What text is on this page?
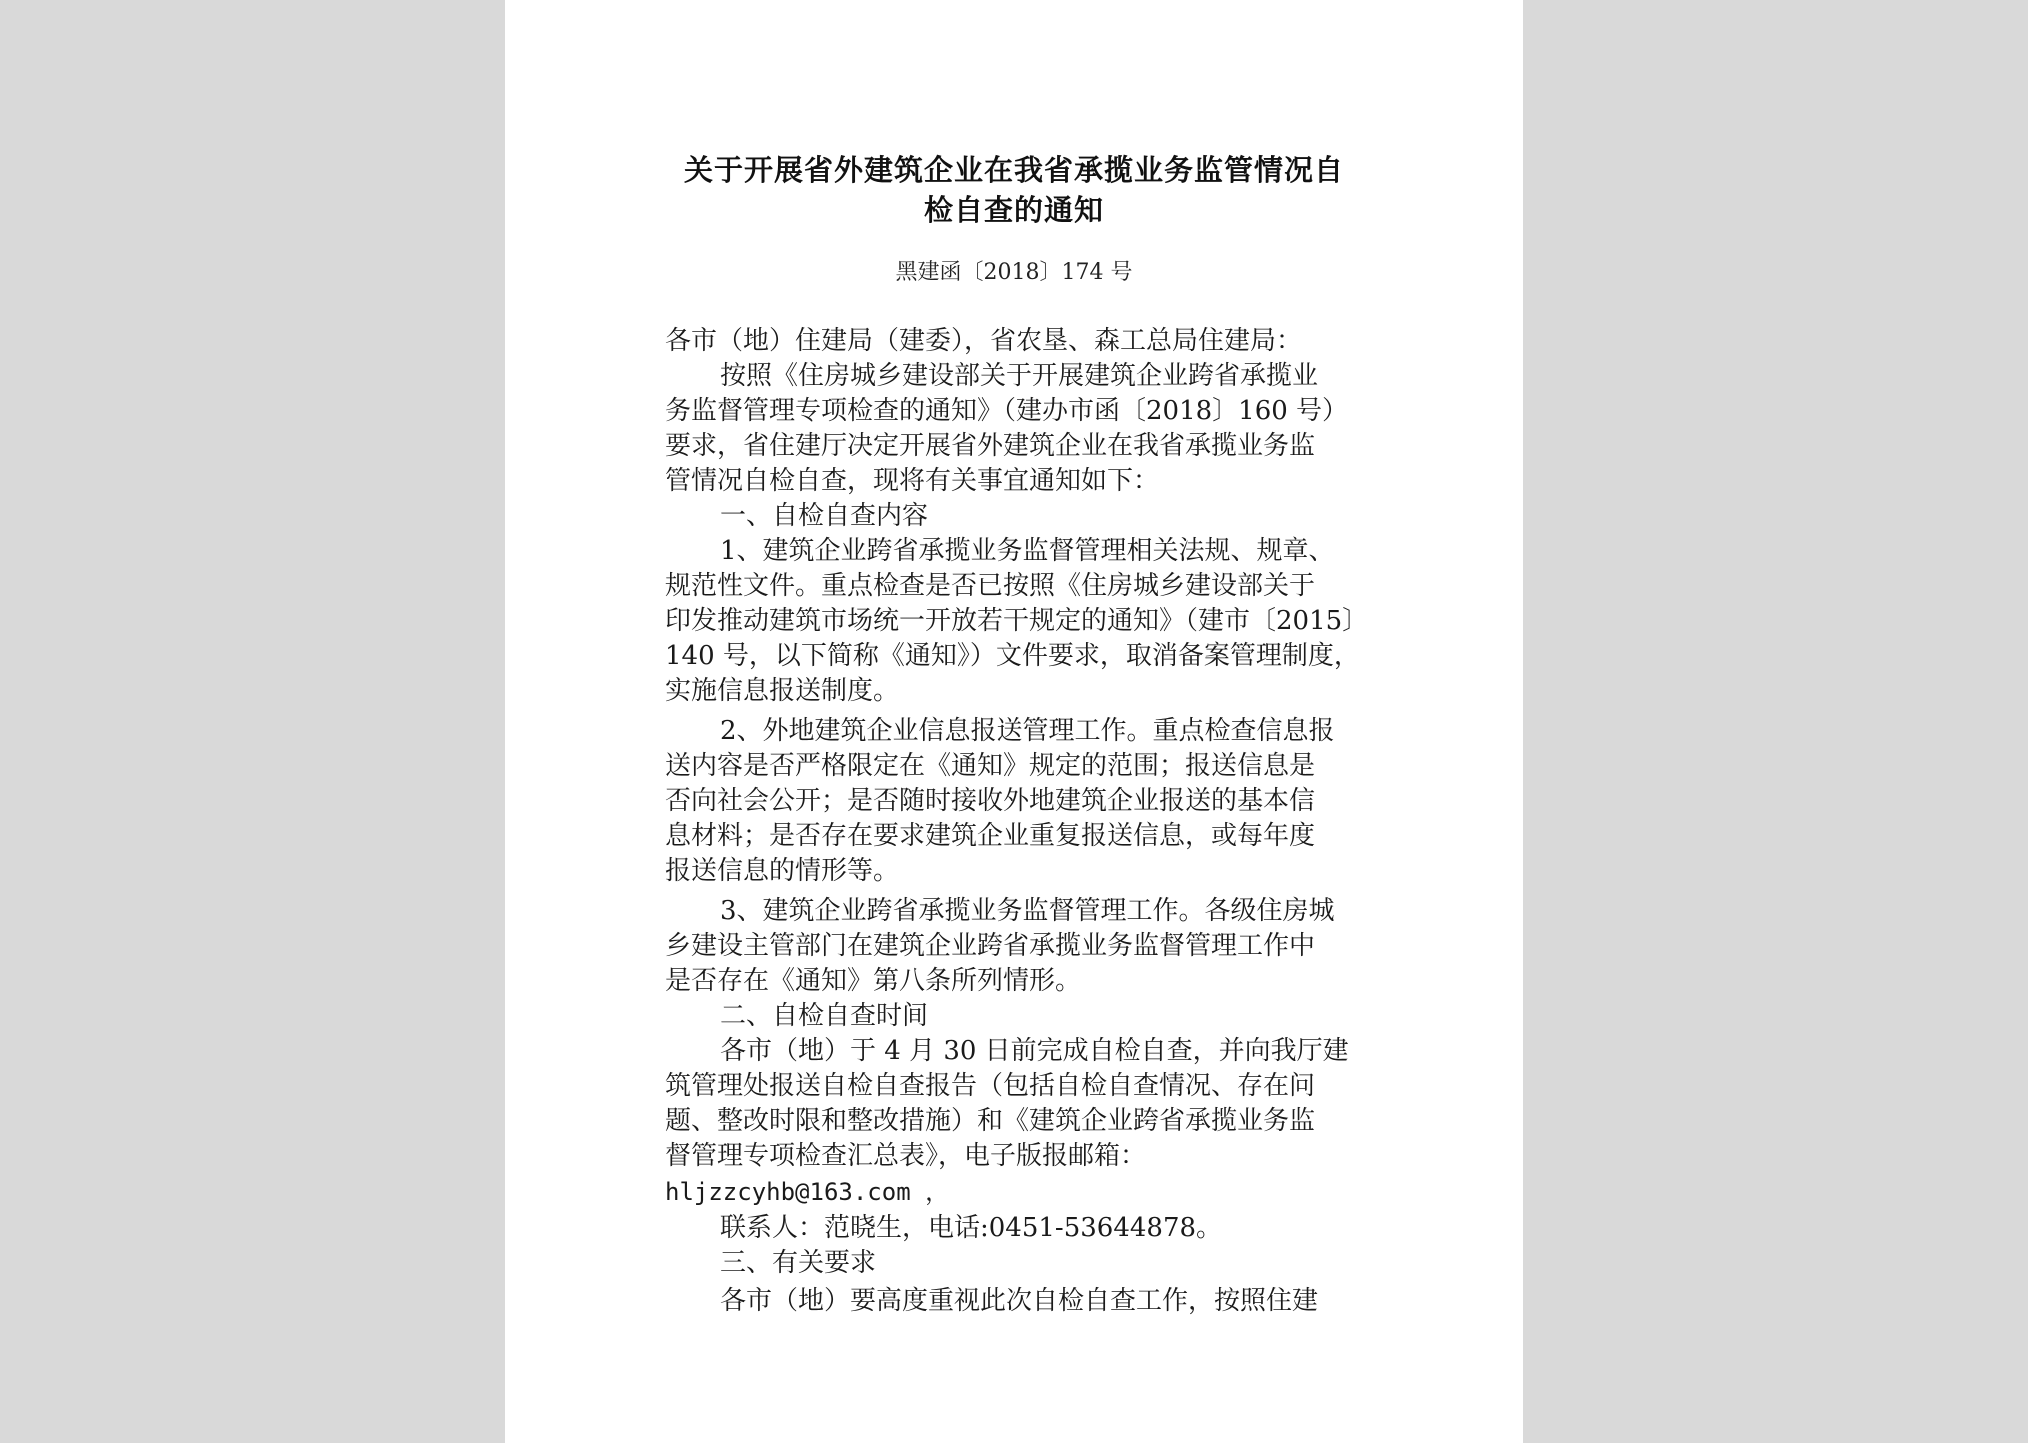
关于开展省外建筑企业在我省承揽业务监管情况自
检自查的通知
黑建函〔2018〕174 号
各市（地）住建局（建委），省农垦、森工总局住建局：
按照《住房城乡建设部关于开展建筑企业跨省承揽业
务监督管理专项检查的通知》（建办市函〔2018〕160 号）
要求，省住建厅决定开展省外建筑企业在我省承揽业务监
管情况自检自查，现将有关事宜通知如下：
一、自检自查内容
1、建筑企业跨省承揽业务监督管理相关法规、规章、
规范性文件。重点检查是否已按照《住房城乡建设部关于
印发推动建筑市场统一开放若干规定的通知》（建市〔2015〕
140 号，以下简称《通知》）文件要求，取消备案管理制度，
实施信息报送制度。
2、外地建筑企业信息报送管理工作。重点检查信息报
送内容是否严格限定在《通知》规定的范围；报送信息是
否向社会公开；是否随时接收外地建筑企业报送的基本信
息材料；是否存在要求建筑企业重复报送信息，或每年度
报送信息的情形等。
3、建筑企业跨省承揽业务监督管理工作。各级住房城
乡建设主管部门在建筑企业跨省承揽业务监督管理工作中
是否存在《通知》第八条所列情形。
二、自检自查时间
各市（地）于 4 月 30 日前完成自检自查，并向我厅建
筑管理处报送自检自查报告（包括自检自查情况、存在问
题、整改时限和整改措施）和《建筑企业跨省承揽业务监
督管理专项检查汇总表》，电子版报邮箱：
hljzzcyhb@163.com ，
联系人：范晓生，电话:0451-53644878。
三、有关要求
各市（地）要高度重视此次自检自查工作，按照住建
